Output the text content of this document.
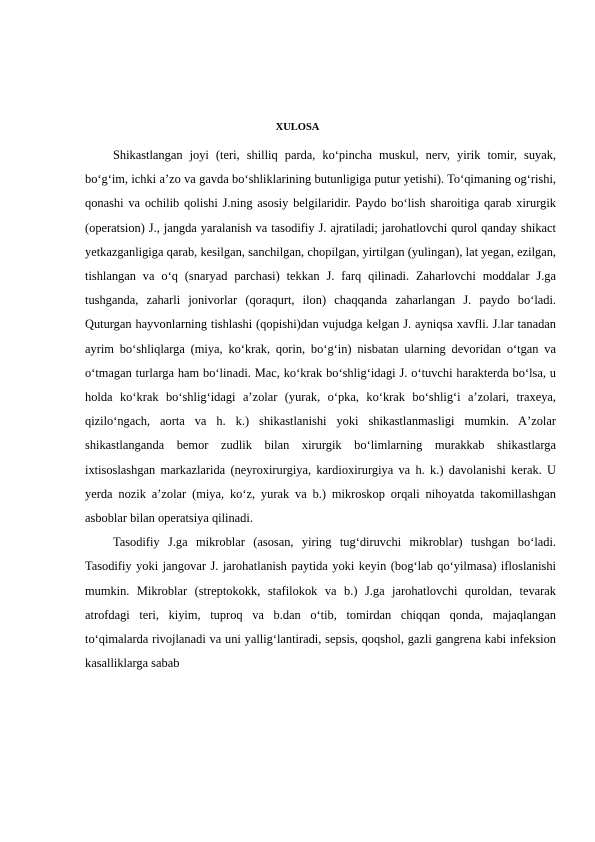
XULOSA

Shikastlangan joyi (teri, shilliq parda, koʻpincha muskul, nerv, yirik tomir, suyak, boʻgʻim, ichki aʼzo va gavda boʻshliklarining butunligiga putur yetishi). Toʻqimaning ogʻrishi, qonashi va ochilib qolishi J.ning asosiy belgilaridir. Paydo boʻlish sharoitiga qarab xirurgik (operatsion) J., jangda yaralanish va tasodifiy J. ajratiladi; jarohatlovchi qurol qanday shikact yetkazganligiga qarab, kesilgan, sanchilgan, chopilgan, yirtilgan (yulingan), lat yegan, ezilgan, tishlangan va oʻq (snaryad parchasi) tekkan J. farq qilinadi. Zaharlovchi moddalar J.ga tushganda, zaharli jonivorlar (qoraqurt, ilon) chaqqanda zaharlangan J. paydo boʻladi. Quturgan hayvonlarning tishlashi (qopishi)dan vujudga kelgan J. ayniqsa xavfli. J.lar tanadan ayrim boʻshliqlarga (miya, koʻkrak, qorin, boʻgʻin) nisbatan ularning devoridan oʻtgan va oʻtmagan turlarga ham boʻlinadi. Mac, koʻkrak boʻshligʻidagi J. oʻtuvchi harakterda boʻlsa, u holda koʻkrak boʻshligʻidagi aʼzolar (yurak, oʻpka, koʻkrak boʻshligʻi aʼzolari, traxeya, qiziloʻngach, aorta va h. k.) shikastlanishi yoki shikastlanmasligi mumkin. Aʼzolar shikastlanganda bemor zudlik bilan xirurgik boʻlimlarning murakkab shikastlarga ixtisoslashgan markazlarida (neyroxirurgiya, kardioxirurgiya va h. k.) davolanishi kerak. U yerda nozik aʼzolar (miya, koʻz, yurak va b.) mikroskop orqali nihoyatda takomillashgan asboblar bilan operatsiya qilinadi.

Tasodifiy J.ga mikroblar (asosan, yiring tugʻdiruvchi mikroblar) tushgan boʻladi. Tasodifiy yoki jangovar J. jarohatlanish paytida yoki keyin (bogʻlab qoʻyilmasa) ifloslanishi mumkin. Mikroblar (streptokokk, stafilokok va b.) J.ga jarohatlovchi quroldan, tevarak atrofdagi teri, kiyim, tuproq va b.dan oʻtib, tomirdan chiqqan qonda, majaqlangan toʻqimalarda rivojlanadi va uni yalligʻlantiradi, sepsis, qoqshol, gazli gangrena kabi infeksion kasalliklarga sabab
